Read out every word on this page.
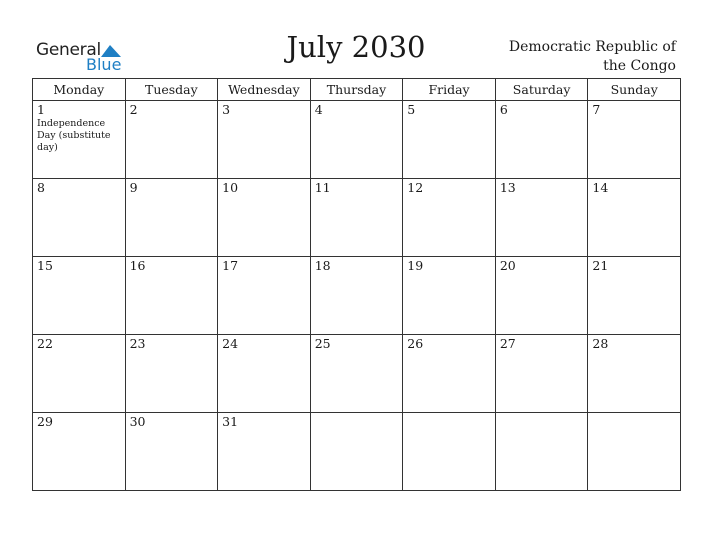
General
Blue
July 2030	Democratic Republic of
the Congo
Monday	Tuesday	Wednesday	Thursday	Friday	Saturday	Sunday

1
Independence Day (substitute day)	2	3	4	5	6	7

8	9	10	11	12	13	14

15	16	17	18	19	20	21

22	23	24	25	26	27	28

29	30	31				
